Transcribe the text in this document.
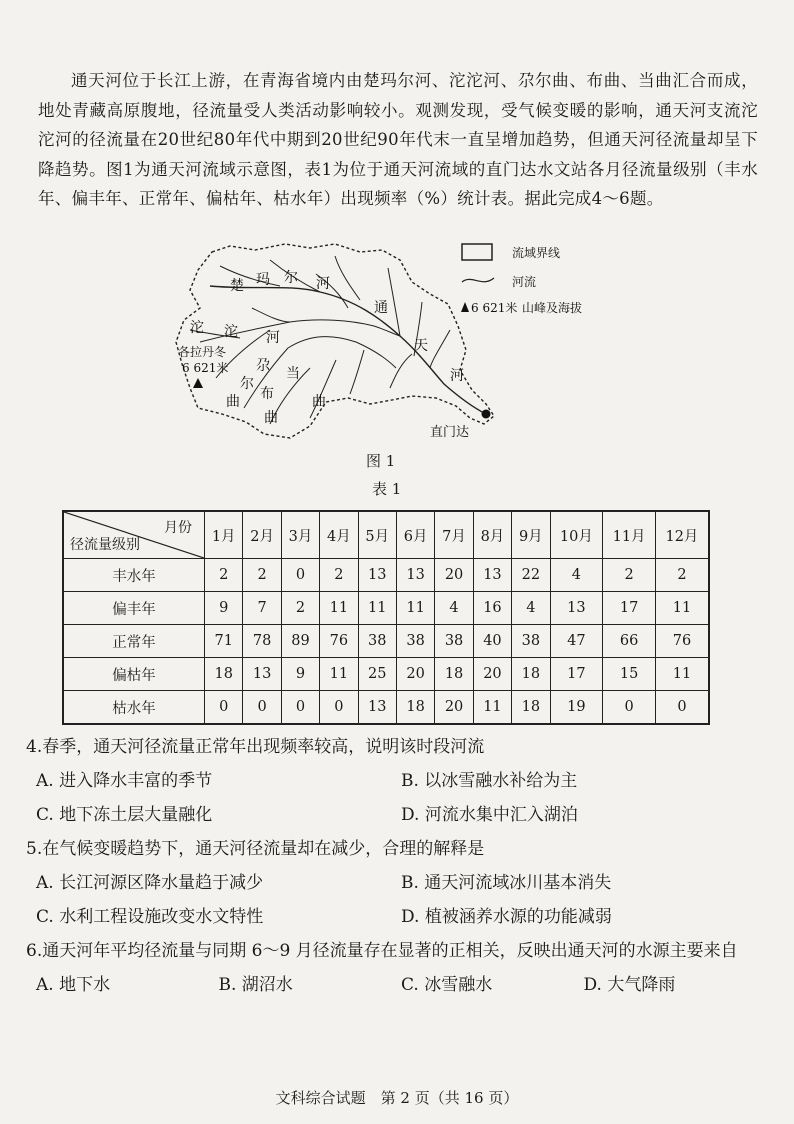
通天河位于长江上游，在青海省境内由楚玛尔河、沱沱河、尕尔曲、布曲、当曲汇合而成，地处青藏高原腹地，径流量受人类活动影响较小。观测发现，受气候变暖的影响，通天河支流沱沱河的径流量在20世纪80年代中期到20世纪90年代末一直呈增加趋势，但通天河径流量却呈下降趋势。图1为通天河流域示意图，表1为位于通天河流域的直门达水文站各月径流量级别（丰水年、偏丰年、正常年、偏枯年、枯水年）出现频率（%）统计表。据此完成4～6题。

楚 玛 尔 河
通
天
河
沱 沱 河
尕
尔
曲 布
曲
当
曲
直门达
各拉丹冬
6 621米
流域界线
河流
6 621米 山峰及海拔
图 1
表 1
月份
径流量级别	1月	2月	3月	4月	5月	6月	7月	8月	9月	10月	11月	12月
丰水年	2	2	0	2	13	13	20	13	22	4	2	2
偏丰年	9	7	2	11	11	11	4	16	4	13	17	11
正常年	71	78	89	76	38	38	38	40	38	47	66	76
偏枯年	18	13	9	11	25	20	18	20	18	17	15	11
枯水年	0	0	0	0	13	18	20	11	18	19	0	0

4.春季，通天河径流量正常年出现频率较高，说明该时段河流

A. 进入降水丰富的季节	B. 以冰雪融水补给为主
C. 地下冻土层大量融化	D. 河流水集中汇入湖泊

5.在气候变暖趋势下，通天河径流量却在减少，合理的解释是

A. 长江河源区降水量趋于减少	B. 通天河流域冰川基本消失
C. 水利工程设施改变水文特性	D. 植被涵养水源的功能减弱

6.通天河年平均径流量与同期 6～9 月径流量存在显著的正相关，反映出通天河的水源主要来自

A. 地下水	B. 湖沼水	C. 冰雪融水	D. 大气降雨
文科综合试题　第 2 页（共 16 页）
